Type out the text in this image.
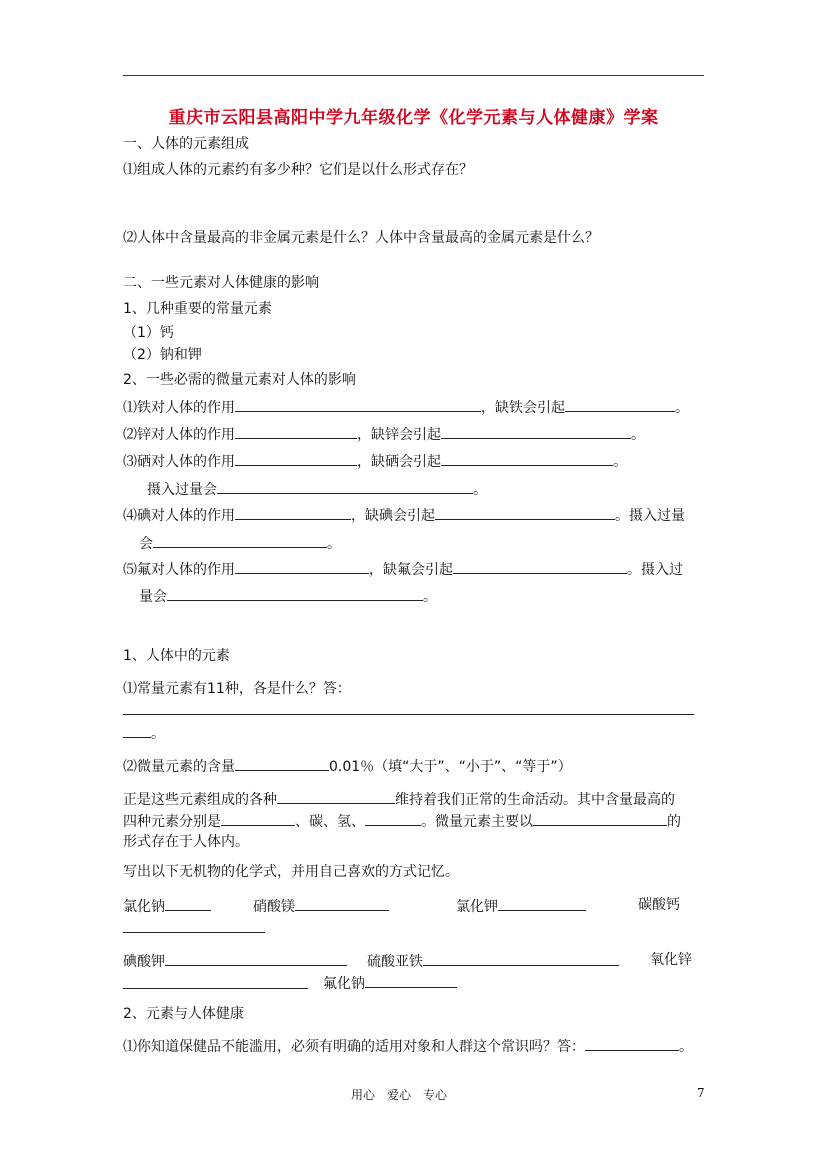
重庆市云阳县高阳中学九年级化学《化学元素与人体健康》学案
一、人体的元素组成
⑴组成人体的元素约有多少种？它们是以什么形式存在？
⑵人体中含量最高的非金属元素是什么？人体中含量最高的金属元素是什么？
二、一些元素对人体健康的影响
1、几种重要的常量元素
（1）钙
（2）钠和钾
2、一些必需的微量元素对人体的影响
⑴铁对人体的作用	，缺铁会引起	。
⑵锌对人体的作用	，缺锌会引起	。
⑶硒对人体的作用	，缺硒会引起	。
摄入过量会	。
⑷碘对人体的作用	，缺碘会引起	。摄入过量
会	。
⑸氟对人体的作用	，缺氟会引起	。摄入过
量会	。
1、人体中的元素
⑴常量元素有11种，各是什么？答：
。
⑵微量元素的含量	0.01％（填“大于”、“小于”、“等于”）
正是这些元素组成的各种	维持着我们正常的生命活动。其中含量最高的
四种元素分别是	、碳、氢、	。微量元素主要以	的
形式存在于人体内。
写出以下无机物的化学式，并用自己喜欢的方式记忆。
氯化钠	硝酸镁	氯化钾	碳酸钙
碘酸钾	硫酸亚铁	氧化锌
氟化钠
2、元素与人体健康
⑴你知道保健品不能滥用，必须有明确的适用对象和人群这个常识吗？答：	。
用心　爱心　专心	7
